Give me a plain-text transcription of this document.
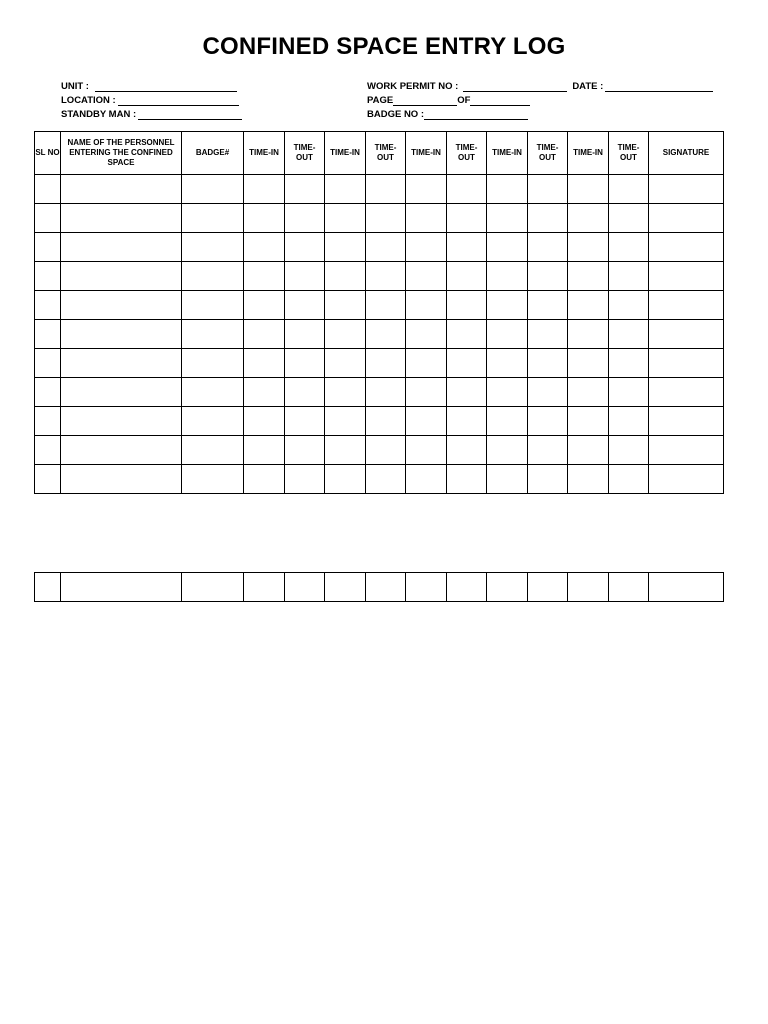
CONFINED SPACE ENTRY LOG
UNIT :
LOCATION :
STANDBY MAN :
WORK PERMIT NO :	DATE :
PAGE	OF
BADGE NO :
SL NO	NAME OF THE PERSONNEL ENTERING THE CONFINED SPACE	BADGE#	TIME-IN	TIME-OUT	TIME-IN	TIME-OUT	TIME-IN	TIME-OUT	TIME-IN	TIME-OUT	TIME-IN	TIME-OUT	SIGNATURE
